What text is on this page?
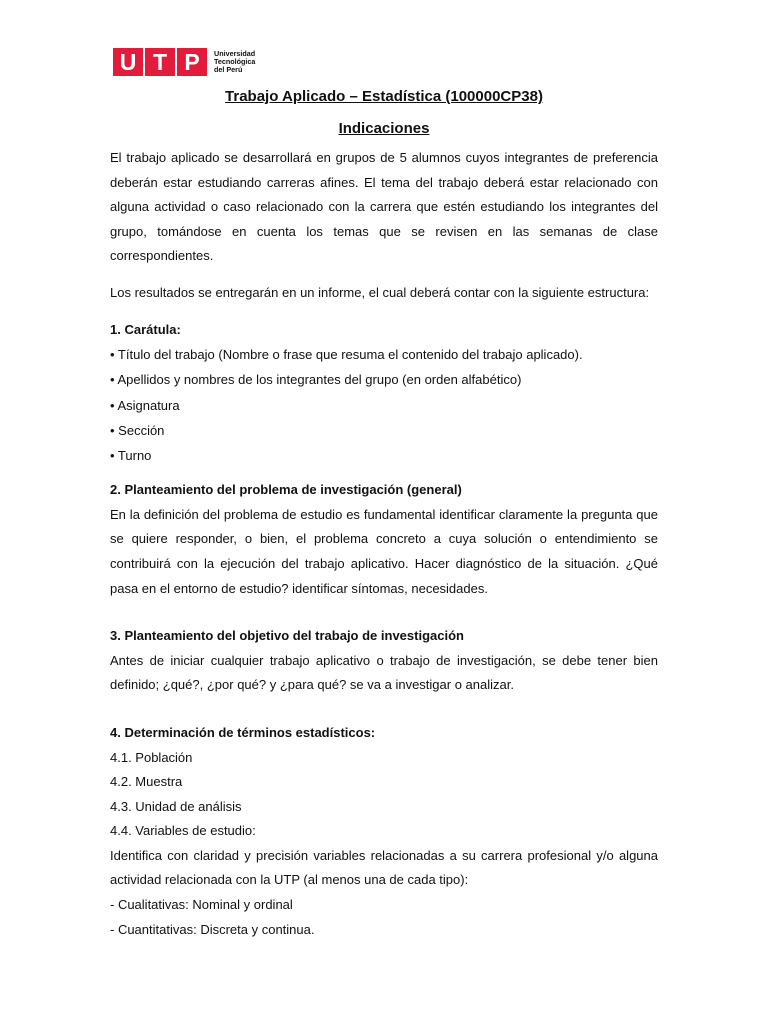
U T P	Universidad
Tecnológica
del Perú
Trabajo Aplicado – Estadística (100000CP38)
Indicaciones

El trabajo aplicado se desarrollará en grupos de 5 alumnos cuyos integrantes de preferencia deberán estar estudiando carreras afines. El tema del trabajo deberá estar relacionado con alguna actividad o caso relacionado con la carrera que estén estudiando los integrantes del grupo, tomándose en cuenta los temas que se revisen en las semanas de clase correspondientes.

Los resultados se entregarán en un informe, el cual deberá contar con la siguiente estructura:

1. Carátula:

• Título del trabajo (Nombre o frase que resuma el contenido del trabajo aplicado).

• Apellidos y nombres de los integrantes del grupo (en orden alfabético)

• Asignatura

• Sección

• Turno

2. Planteamiento del problema de investigación (general)

En la definición del problema de estudio es fundamental identificar claramente la pregunta que se quiere responder, o bien, el problema concreto a cuya solución o entendimiento se contribuirá con la ejecución del trabajo aplicativo. Hacer diagnóstico de la situación. ¿Qué pasa en el entorno de estudio? identificar síntomas, necesidades.

3. Planteamiento del objetivo del trabajo de investigación

Antes de iniciar cualquier trabajo aplicativo o trabajo de investigación, se debe tener bien definido; ¿qué?, ¿por qué? y ¿para qué? se va a investigar o analizar.

4. Determinación de términos estadísticos:

4.1. Población

4.2. Muestra

4.3. Unidad de análisis

4.4. Variables de estudio:

Identifica con claridad y precisión variables relacionadas a su carrera profesional y/o alguna actividad relacionada con la UTP (al menos una de cada tipo):

- Cualitativas: Nominal y ordinal

- Cuantitativas: Discreta y continua.
